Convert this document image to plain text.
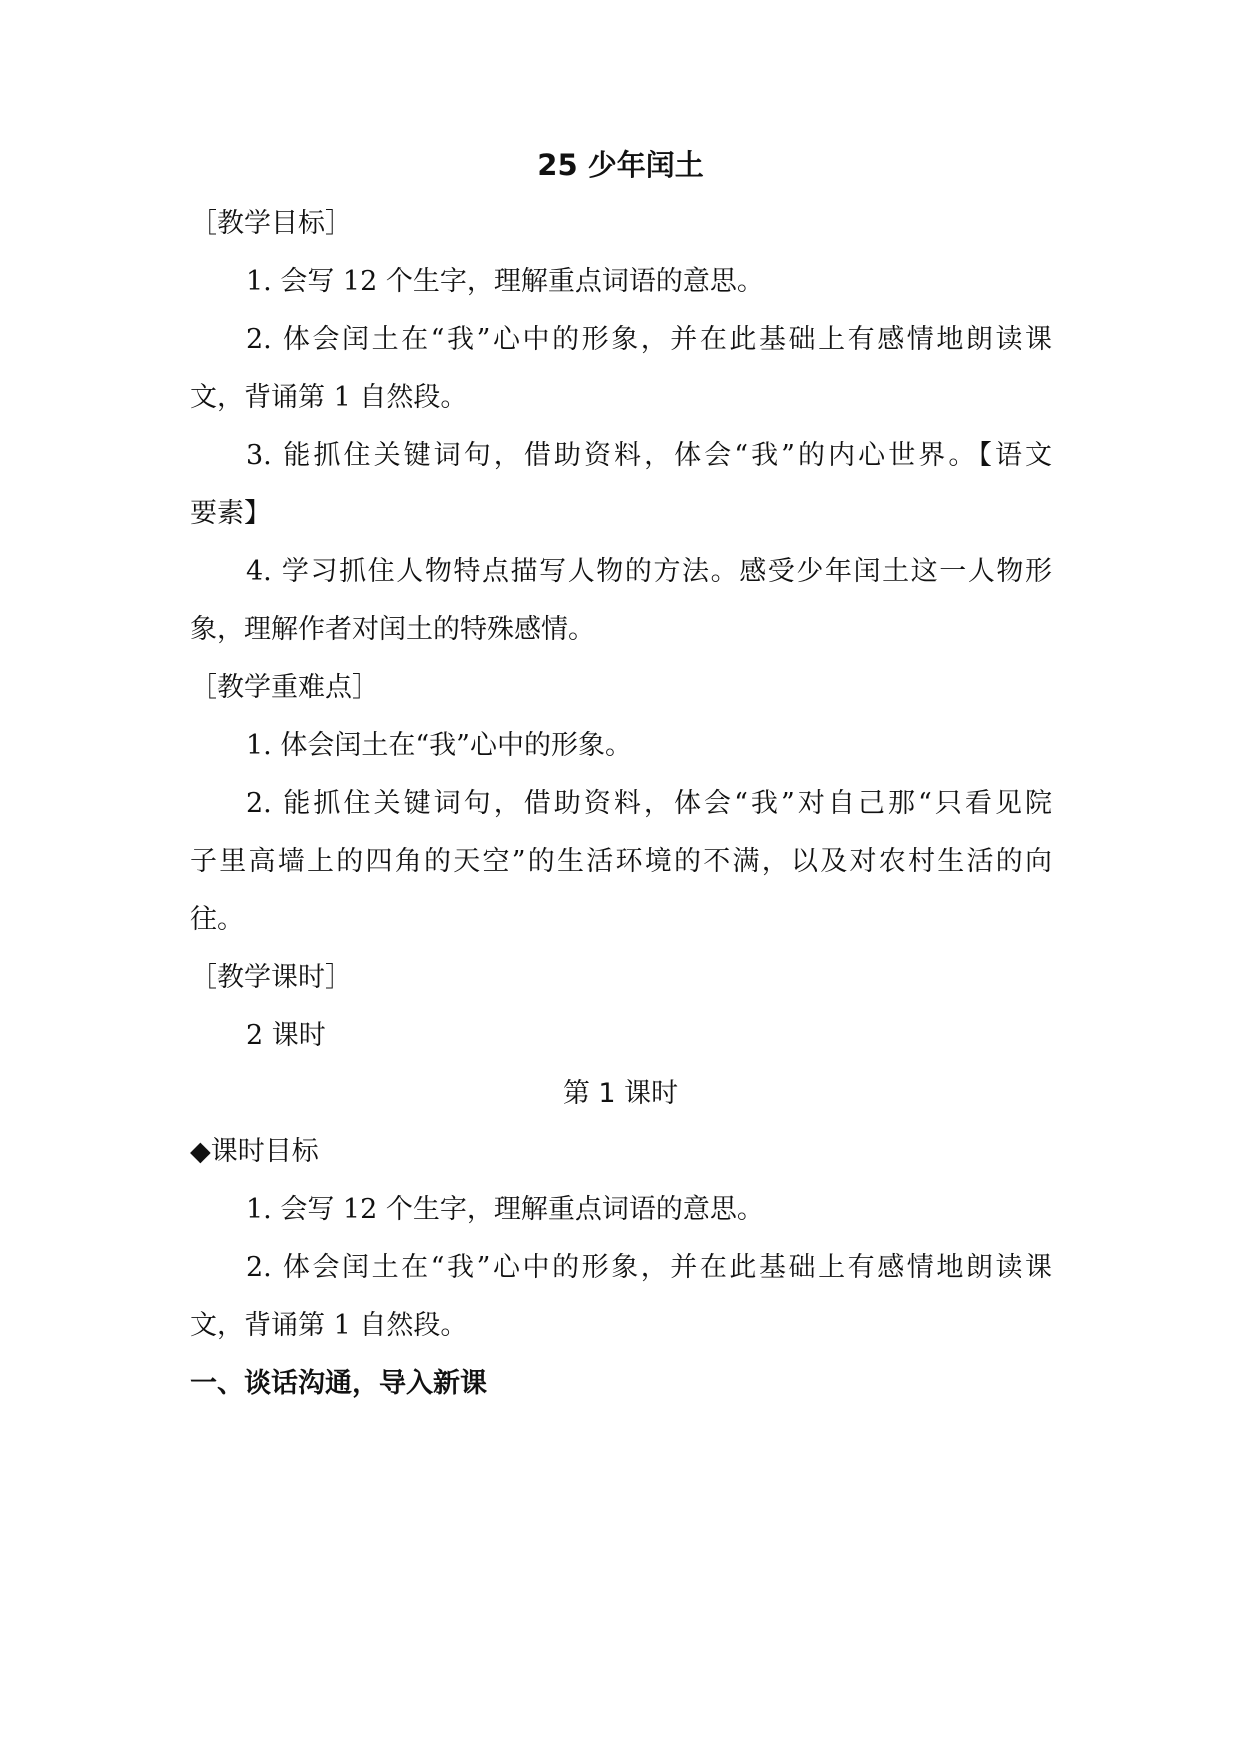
25 少年闰土
［教学目标］
1. 会写 12 个生字，理解重点词语的意思。
2. 体会闰土在“我”心中的形象，并在此基础上有感情地朗读课
文，背诵第 1 自然段。
3. 能抓住关键词句，借助资料，体会“我”的内心世界。【语文
要素】
4. 学习抓住人物特点描写人物的方法。感受少年闰土这一人物形
象，理解作者对闰土的特殊感情。
［教学重难点］
1. 体会闰土在“我”心中的形象。
2. 能抓住关键词句，借助资料，体会“我”对自己那“只看见院
子里高墙上的四角的天空”的生活环境的不满，以及对农村生活的向
往。
［教学课时］
2 课时
第 1 课时
◆课时目标
1. 会写 12 个生字，理解重点词语的意思。
2. 体会闰土在“我”心中的形象，并在此基础上有感情地朗读课
文，背诵第 1 自然段。
一、谈话沟通，导入新课
